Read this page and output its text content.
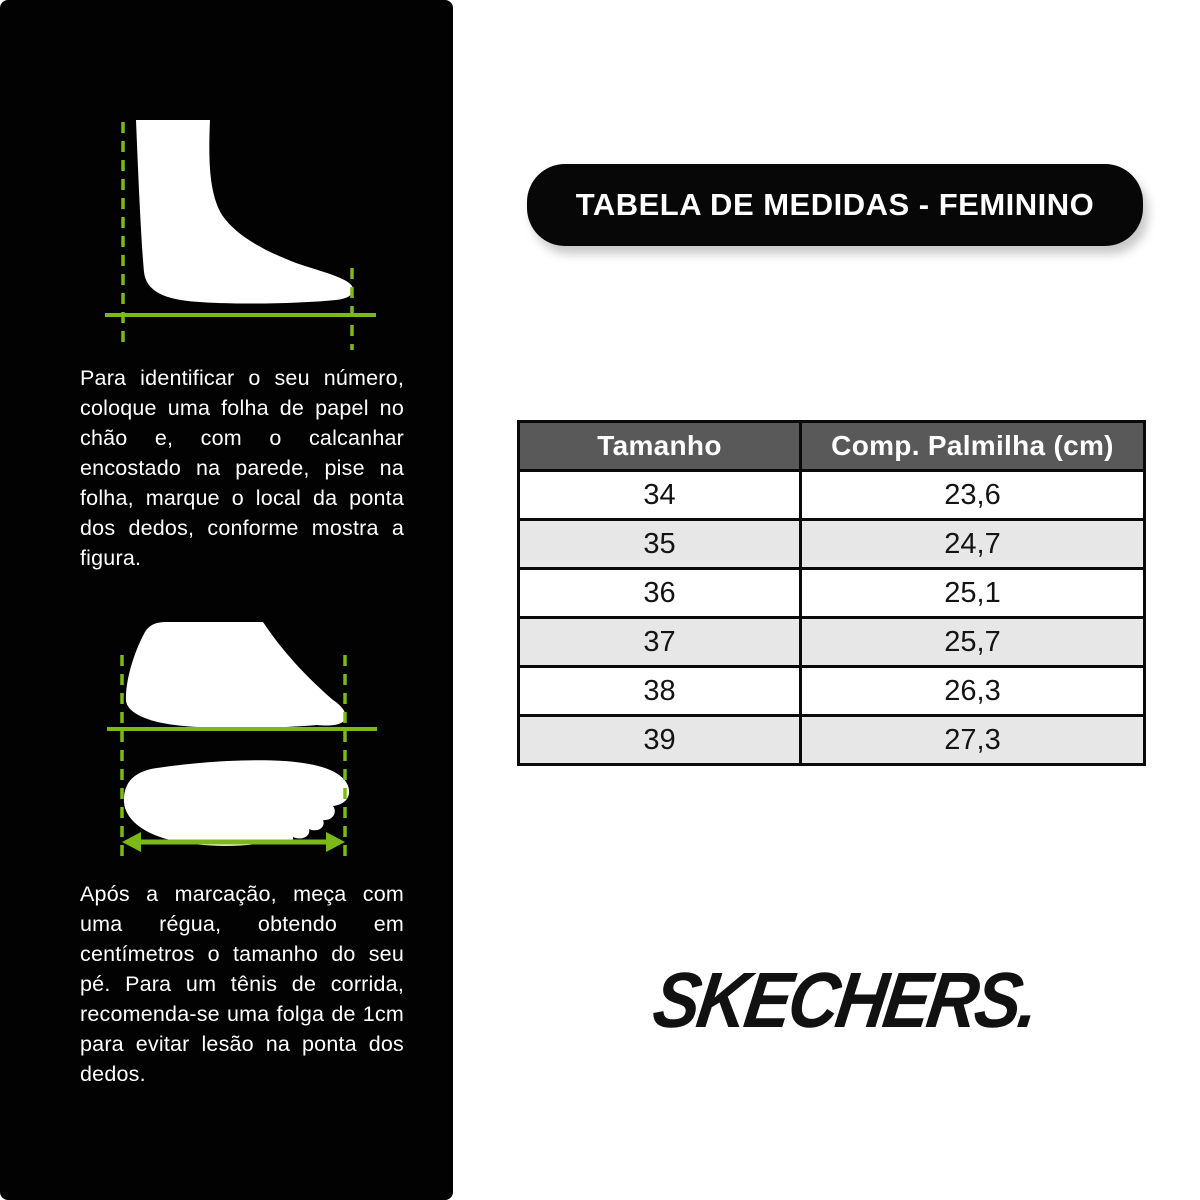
Para identificar o seu número, coloque uma folha de papel no chão e, com o calcanhar encostado na parede, pise na folha, marque o local da ponta dos dedos, conforme mostra a figura.

Após a marcação, meça com uma régua, obtendo em centímetros o tamanho do seu pé. Para um tênis de corrida, recomenda-se uma folga de 1cm para evitar lesão na ponta dos dedos.

TABELA DE MEDIDAS - FEMININO
Tamanho	Comp. Palmilha (cm)
34	23,6
35	24,7
36	25,1
37	25,7
38	26,3
39	27,3
SKECHERS.
